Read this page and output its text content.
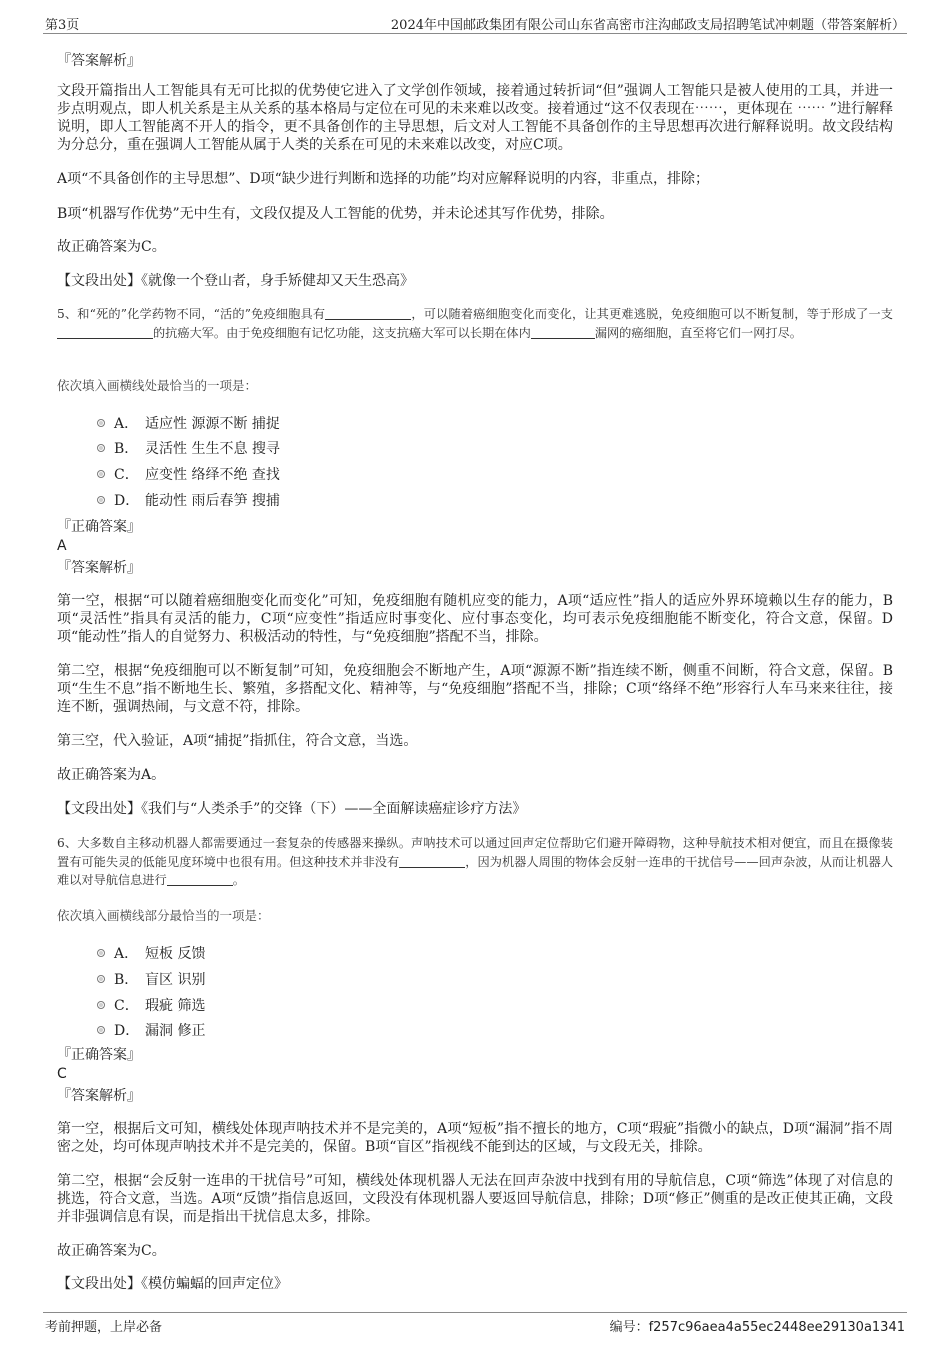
第3页	2024年中国邮政集团有限公司山东省高密市注沟邮政支局招聘笔试冲刺题（带答案解析）
『答案解析』
文段开篇指出人工智能具有无可比拟的优势使它进入了文学创作领域，接着通过转折词“但”强调人工智能只是被人使用的工具，并进一步点明观点，即人机关系是主从关系的基本格局与定位在可见的未来难以改变。接着通过“这不仅表现在⋯⋯，更体现在 ⋯⋯ ”进行解释说明，即人工智能离不开人的指令，更不具备创作的主导思想，后文对人工智能不具备创作的主导思想再次进行解释说明。故文段结构为分总分，重在强调人工智能从属于人类的关系在可见的未来难以改变，对应C项。
A项“不具备创作的主导思想”、D项“缺少进行判断和选择的功能”均对应解释说明的内容，非重点，排除；
B项“机器写作优势”无中生有，文段仅提及人工智能的优势，并未论述其写作优势，排除。
故正确答案为C。
【文段出处】《就像一个登山者，身手矫健却又天生恐高》
5、和“死的”化学药物不同，“活的”免疫细胞具有	，可以随着癌细胞变化而变化，让其更难逃脱，免疫细胞可以不断复制，等于形成了一支的抗癌大军。由于免疫细胞有记忆功能，这支抗癌大军可以长期在体内	漏网的癌细胞，直至将它们一网打尽。
依次填入画横线处最恰当的一项是：
A． 适应性 源源不断 捕捉
B． 灵活性 生生不息 搜寻
C． 应变性 络绎不绝 查找
D． 能动性 雨后春笋 搜捕
『正确答案』
A
『答案解析』
第一空，根据“可以随着癌细胞变化而变化”可知，免疫细胞有随机应变的能力，A项“适应性”指人的适应外界环境赖以生存的能力，B项“灵活性”指具有灵活的能力，C项“应变性”指适应时事变化、应付事态变化，均可表示免疫细胞能不断变化，符合文意，保留。D项“能动性”指人的自觉努力、积极活动的特性，与“免疫细胞”搭配不当，排除。
第二空，根据“免疫细胞可以不断复制”可知，免疫细胞会不断地产生，A项“源源不断”指连续不断，侧重不间断，符合文意，保留。B项“生生不息”指不断地生长、繁殖，多搭配文化、精神等，与“免疫细胞”搭配不当，排除；C项“络绎不绝”形容行人车马来来往往，接连不断，强调热闹，与文意不符，排除。
第三空，代入验证，A项“捕捉”指抓住，符合文意，当选。
故正确答案为A。
【文段出处】《我们与“人类杀手”的交锋（下）——全面解读癌症诊疗方法》
6、大多数自主移动机器人都需要通过一套复杂的传感器来操纵。声呐技术可以通过回声定位帮助它们避开障碍物，这种导航技术相对便宜，而且在摄像装置有可能失灵的低能见度环境中也很有用。但这种技术并非没有	，因为机器人周围的物体会反射一连串的干扰信号——回声杂波，从而让机器人难以对导航信息进行	。
依次填入画横线部分最恰当的一项是：
A． 短板 反馈
B． 盲区 识别
C． 瑕疵 筛选
D． 漏洞 修正
『正确答案』
C
『答案解析』
第一空，根据后文可知，横线处体现声呐技术并不是完美的，A项“短板”指不擅长的地方，C项“瑕疵”指微小的缺点，D项“漏洞”指不周密之处，均可体现声呐技术并不是完美的，保留。B项“盲区”指视线不能到达的区域，与文段无关，排除。
第二空，根据“会反射一连串的干扰信号”可知，横线处体现机器人无法在回声杂波中找到有用的导航信息，C项“筛选”体现了对信息的挑选，符合文意，当选。A项“反馈”指信息返回，文段没有体现机器人要返回导航信息，排除；D项“修正”侧重的是改正使其正确，文段并非强调信息有误，而是指出干扰信息太多，排除。
故正确答案为C。
【文段出处】《模仿蝙蝠的回声定位》
考前押题，上岸必备	编号：f257c96aea4a55ec2448ee29130a1341
